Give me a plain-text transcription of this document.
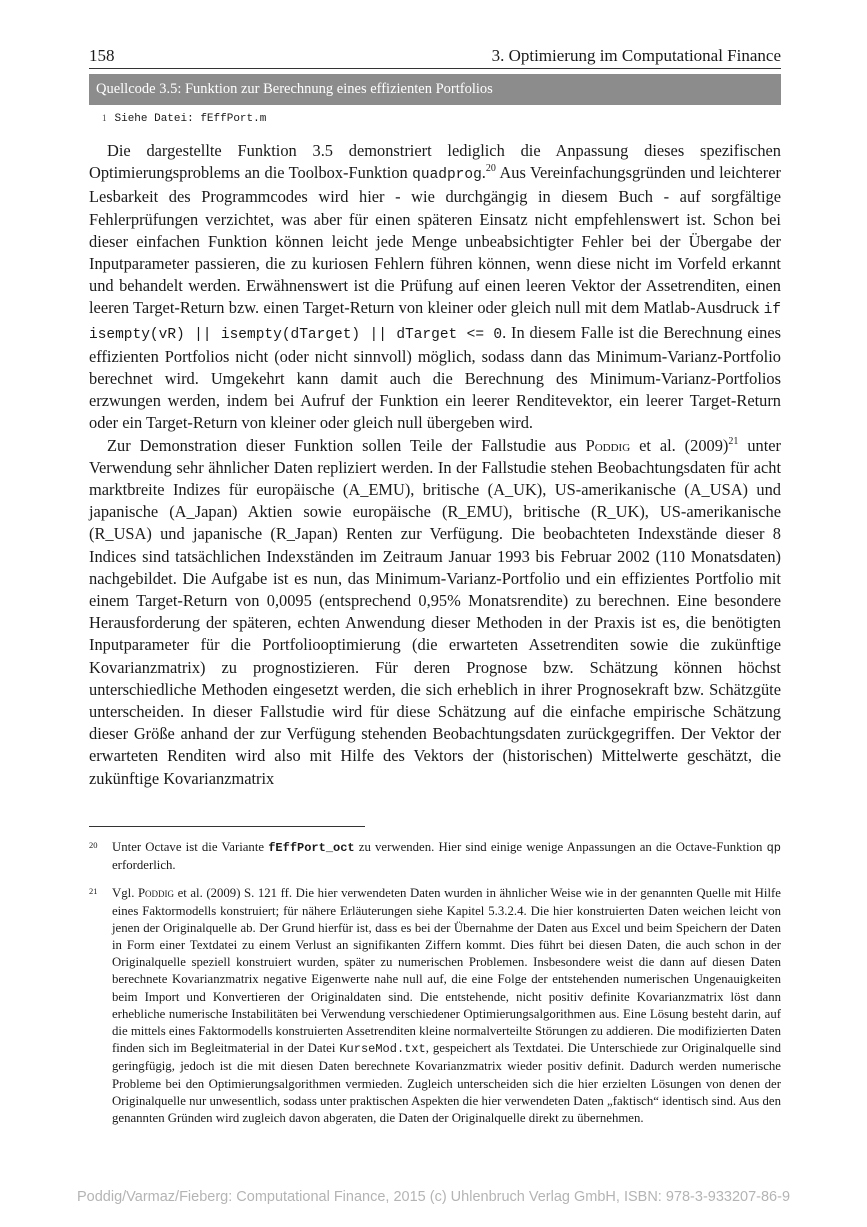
158	3. Optimierung im Computational Finance
Quellcode 3.5: Funktion zur Berechnung eines effizienten Portfolios
1 Siehe Datei: fEffPort.m

Die dargestellte Funktion 3.5 demonstriert lediglich die Anpassung dieses spezifischen Optimierungsproblems an die Toolbox-Funktion quadprog.$^{20}$ Aus Vereinfachungsgründen und leichterer Lesbarkeit des Programmcodes wird hier - wie durchgängig in diesem Buch - auf sorgfältige Fehlerprüfungen verzichtet, was aber für einen späteren Einsatz nicht empfehlenswert ist. Schon bei dieser einfachen Funktion können leicht jede Menge unbeabsichtigter Fehler bei der Übergabe der Inputparameter passieren, die zu kuriosen Fehlern führen können, wenn diese nicht im Vorfeld erkannt und behandelt werden. Erwähnenswert ist die Prüfung auf einen leeren Vektor der Assetrenditen, einen leeren Target-Return bzw. einen Target-Return von kleiner oder gleich null mit dem Matlab-Ausdruck if isempty(vR) || isempty(dTarget) || dTarget <= 0. In diesem Falle ist die Berechnung eines effizienten Portfolios nicht (oder nicht sinnvoll) möglich, sodass dann das Minimum-Varianz-Portfolio berechnet wird. Umgekehrt kann damit auch die Berechnung des Minimum-Varianz-Portfolios erzwungen werden, indem bei Aufruf der Funktion ein leerer Renditevektor, ein leerer Target-Return oder ein Target-Return von kleiner oder gleich null übergeben wird.

Zur Demonstration dieser Funktion sollen Teile der Fallstudie aus Poddig et al. $(2009)^{21}$ unter Verwendung sehr ähnlicher Daten repliziert werden. In der Fallstudie stehen Beobachtungsdaten für acht marktbreite Indizes für europäische (A_EMU), britische (A_UK), US-amerikanische (A_USA) und japanische (A_Japan) Aktien sowie europäische (R_EMU), britische (R_UK), US-amerikanische (R_USA) und japanische (R_Japan) Renten zur Verfügung. Die beobachteten Indexstände dieser 8 Indices sind tatsächlichen Indexständen im Zeitraum Januar 1993 bis Februar 2002 (110 Monatsdaten) nachgebildet. Die Aufgabe ist es nun, das Minimum-Varianz-Portfolio und ein effizientes Portfolio mit einem Target-Return von 0,0095 (entsprechend 0,95% Monatsrendite) zu berechnen. Eine besondere Herausforderung der späteren, echten Anwendung dieser Methoden in der Praxis ist es, die benötigten Inputparameter für die Portfoliooptimierung (die erwarteten Assetrenditen sowie die zukünftige Kovarianzmatrix) zu prognostizieren. Für deren Prognose bzw. Schätzung können höchst unterschiedliche Methoden eingesetzt werden, die sich erheblich in ihrer Prognosekraft bzw. Schätzgüte unterscheiden. In dieser Fallstudie wird für diese Schätzung auf die einfache empirische Schätzung dieser Größe anhand der zur Verfügung stehenden Beobachtungsdaten zurückgegriffen. Der Vektor der erwarteten Renditen wird also mit Hilfe des Vektors der (historischen) Mittelwerte geschätzt, die zukünftige Kovarianzmatrix

20	Unter Octave ist die Variante fEffPort_oct zu verwenden. Hier sind einige wenige Anpassungen an die Octave-Funktion qp erforderlich.
21	Vgl. Poddig et al. (2009) S. 121 ff. Die hier verwendeten Daten wurden in ähnlicher Weise wie in der genannten Quelle mit Hilfe eines Faktormodells konstruiert; für nähere Erläuterungen siehe Kapitel 5.3.2.4. Die hier konstruierten Daten weichen leicht von jenen der Originalquelle ab. Der Grund hierfür ist, dass es bei der Übernahme der Daten aus Excel und beim Speichern der Daten in Form einer Textdatei zu einem Verlust an signifikanten Ziffern kommt. Dies führt bei diesen Daten, die auch schon in der Originalquelle speziell konstruiert wurden, später zu numerischen Problemen. Insbesondere weist die dann auf diesen Daten berechnete Kovarianzmatrix negative Eigenwerte nahe null auf, die eine Folge der entstehenden numerischen Ungenauigkeiten beim Import und Konvertieren der Originaldaten sind. Die entstehende, nicht positiv definite Kovarianzmatrix löst dann erhebliche numerische Instabilitäten bei Verwendung verschiedener Optimierungsalgorithmen aus. Eine Lösung besteht darin, auf die mittels eines Faktormodells konstruierten Assetrenditen kleine normalverteilte Störungen zu addieren. Die modifizierten Daten finden sich im Begleitmaterial in der Datei KurseMod.txt, gespeichert als Textdatei. Die Unterschiede zur Originalquelle sind geringfügig, jedoch ist die mit diesen Daten berechnete Kovarianzmatrix wieder positiv definit. Dadurch werden numerische Probleme bei den Optimierungsalgorithmen vermieden. Zugleich unterscheiden sich die hier erzielten Lösungen von denen der Originalquelle nur unwesentlich, sodass unter praktischen Aspekten die hier verwendeten Daten „faktisch“ identisch sind. Aus den genannten Gründen wird zugleich davon abgeraten, die Daten der Originalquelle direkt zu übernehmen.
Poddig/Varmaz/Fieberg: Computational Finance, 2015 (c) Uhlenbruch Verlag GmbH, ISBN: 978-3-933207-86-9
